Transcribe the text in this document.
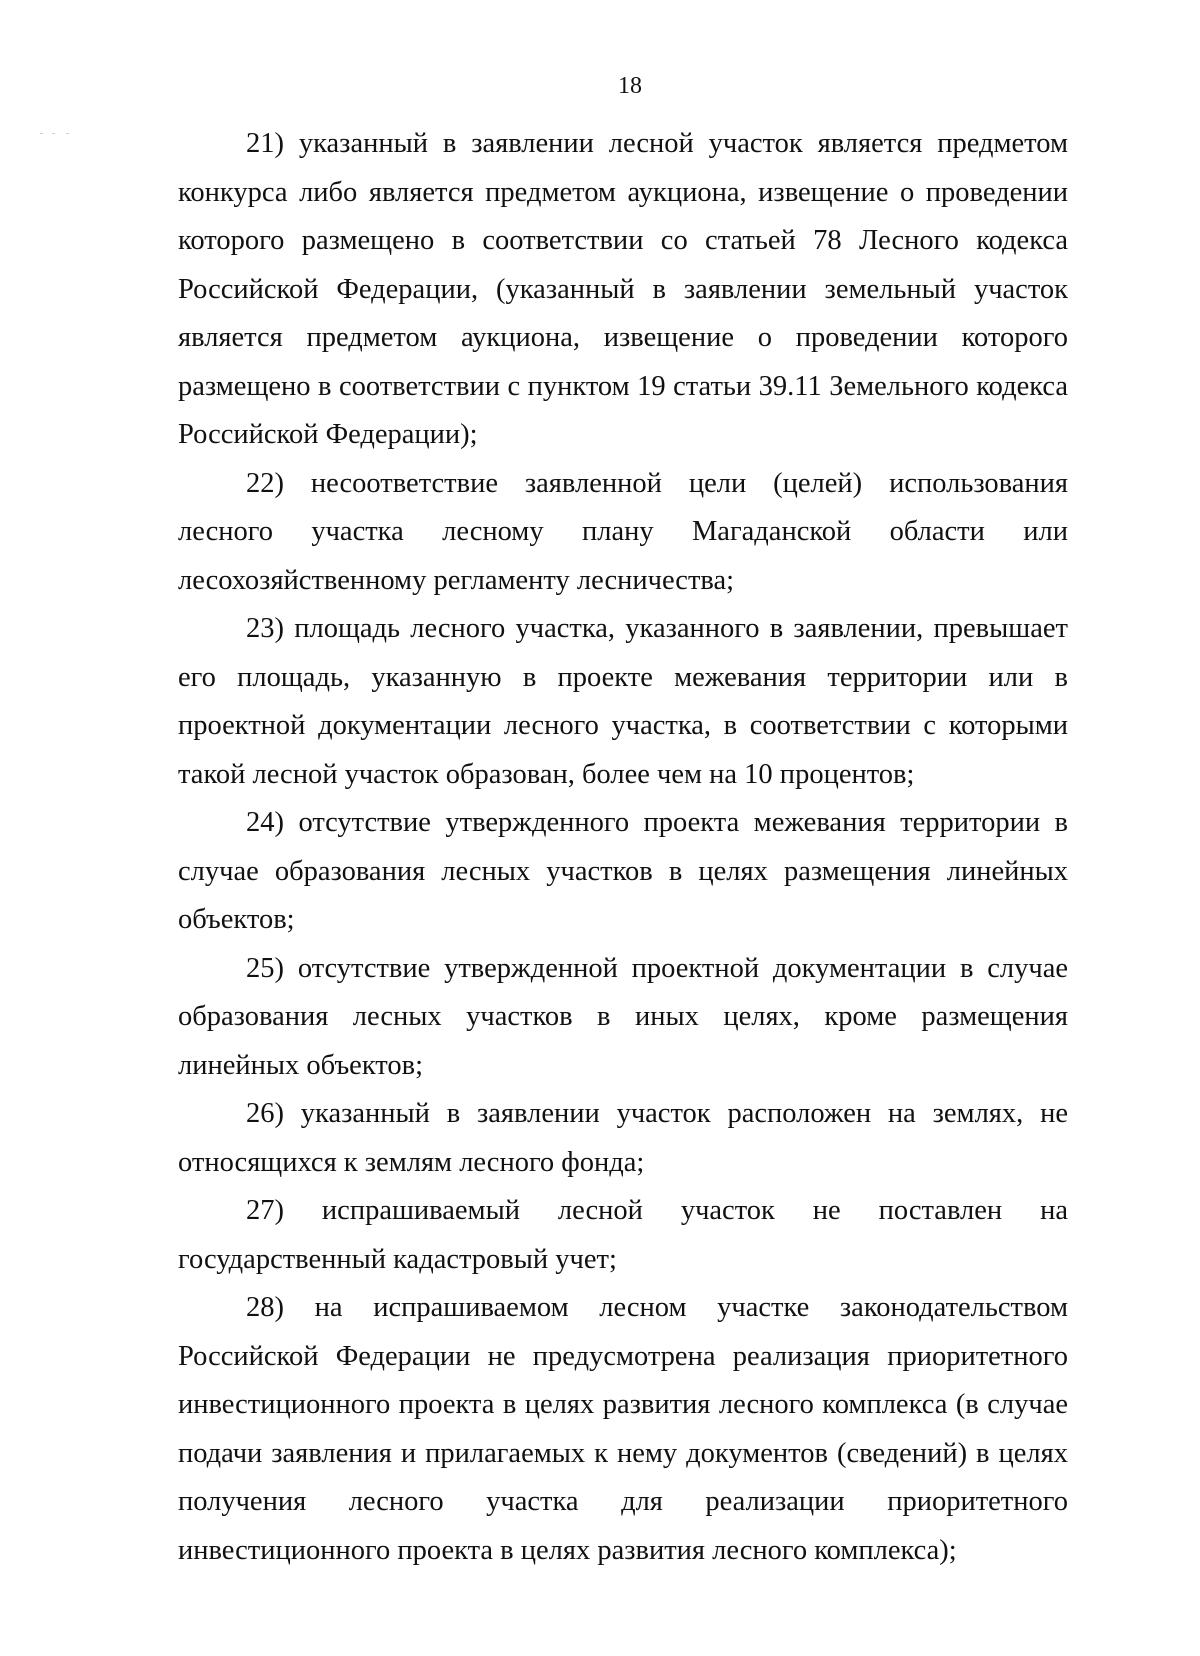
18

21) указанный в заявлении лесной участок является предметом конкурса либо является предметом аукциона, извещение о проведении которого размещено в соответствии со статьей 78 Лесного кодекса Российской Федерации, (указанный в заявлении земельный участок является предметом аукциона, извещение о проведении которого размещено в соответствии с пунктом 19 статьи 39.11 Земельного кодекса Российской Федерации);

22) несоответствие заявленной цели (целей) использования лесного участка лесному плану Магаданской области или лесохозяйственному регламенту лесничества;

23) площадь лесного участка, указанного в заявлении, превышает его площадь, указанную в проекте межевания территории или в проектной документации лесного участка, в соответствии с которыми такой лесной участок образован, более чем на 10 процентов;

24) отсутствие утвержденного проекта межевания территории в случае образования лесных участков в целях размещения линейных объектов;

25) отсутствие утвержденной проектной документации в случае образования лесных участков в иных целях, кроме размещения линейных объектов;

26) указанный в заявлении участок расположен на землях, не относящихся к землям лесного фонда;

27) испрашиваемый лесной участок не поставлен на государственный кадастровый учет;

28) на испрашиваемом лесном участке законодательством Российской Федерации не предусмотрена реализация приоритетного инвестиционного проекта в целях развития лесного комплекса (в случае подачи заявления и прилагаемых к нему документов (сведений) в целях получения лесного участка для реализации приоритетного инвестиционного проекта в целях развития лесного комплекса);
